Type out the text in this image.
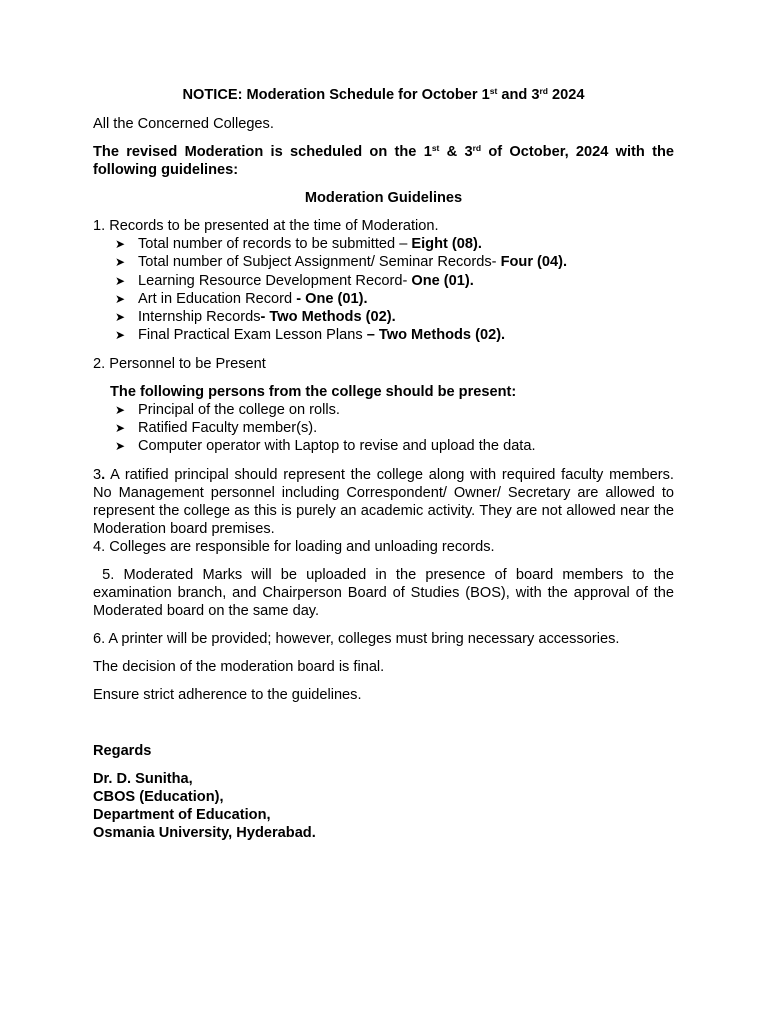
NOTICE: Moderation Schedule for October 1st and 3rd 2024

All the Concerned Colleges.

The revised Moderation is scheduled on the 1st & 3rd of October, 2024 with the following guidelines:

Moderation Guidelines

1. Records to be presented at the time of Moderation.

➤ Total number of records to be submitted – Eight (08).
➤ Total number of Subject Assignment/ Seminar Records- Four (04).
➤ Learning Resource Development Record- One (01).
➤ Art in Education Record - One (01).
➤ Internship Records- Two Methods (02).
➤ Final Practical Exam Lesson Plans – Two Methods (02).

2. Personnel to be Present

The following persons from the college should be present:

➤ Principal of the college on rolls.
➤ Ratified Faculty member(s).
➤ Computer operator with Laptop to revise and upload the data.

3. A ratified principal should represent the college along with required faculty members. No Management personnel including Correspondent/ Owner/ Secretary are allowed to represent the college as this is purely an academic activity. They are not allowed near the Moderation board premises.

4. Colleges are responsible for loading and unloading records.

5. Moderated Marks will be uploaded in the presence of board members to the examination branch, and Chairperson Board of Studies (BOS), with the approval of the Moderated board on the same day.

6. A printer will be provided; however, colleges must bring necessary accessories.

The decision of the moderation board is final.

Ensure strict adherence to the guidelines.

Regards

Dr. D. Sunitha,

CBOS (Education),

Department of Education,

Osmania University, Hyderabad.
